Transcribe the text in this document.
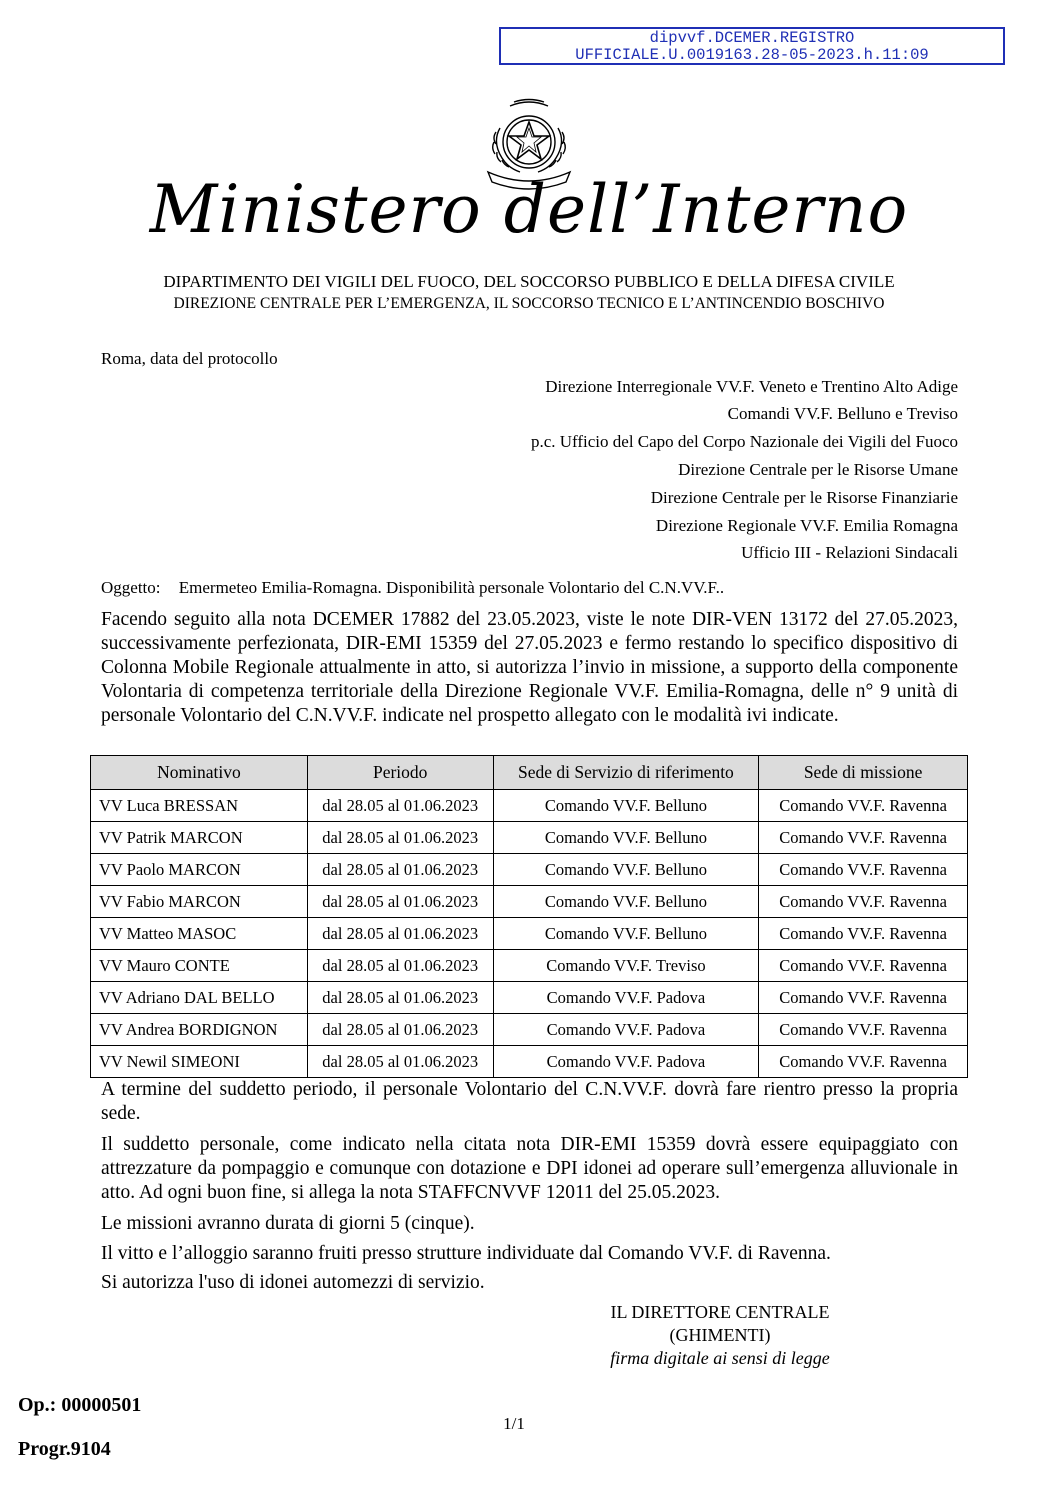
dipvvf.DCEMER.REGISTRO
UFFICIALE.U.0019163.28-05-2023.h.11:09
Ministero dell’Interno
DIPARTIMENTO DEI VIGILI DEL FUOCO, DEL SOCCORSO PUBBLICO E DELLA DIFESA CIVILE
DIREZIONE CENTRALE PER L’EMERGENZA, IL SOCCORSO TECNICO E L’ANTINCENDIO BOSCHIVO
Roma, data del protocollo
Direzione Interregionale VV.F. Veneto e Trentino Alto Adige
Comandi VV.F. Belluno e Treviso
p.c. Ufficio del Capo del Corpo Nazionale dei Vigili del Fuoco
Direzione Centrale per le Risorse Umane
Direzione Centrale per le Risorse Finanziarie
Direzione Regionale VV.F. Emilia Romagna
Ufficio III - Relazioni Sindacali
Oggetto: Emermeteo Emilia-Romagna. Disponibilità personale Volontario del C.N.VV.F..
Facendo seguito alla nota DCEMER 17882 del 23.05.2023, viste le note DIR-VEN 13172 del 27.05.2023, successivamente perfezionata, DIR-EMI 15359 del 27.05.2023 e fermo restando lo specifico dispositivo di Colonna Mobile Regionale attualmente in atto, si autorizza l’invio in missione, a supporto della componente Volontaria di competenza territoriale della Direzione Regionale VV.F. Emilia-Romagna, delle n° 9 unità di personale Volontario del C.N.VV.F. indicate nel prospetto allegato con le modalità ivi indicate.
Nominativo	Periodo	Sede di Servizio di riferimento	Sede di missione
VV Luca BRESSAN	dal 28.05 al 01.06.2023	Comando VV.F. Belluno	Comando VV.F. Ravenna
VV Patrik MARCON	dal 28.05 al 01.06.2023	Comando VV.F. Belluno	Comando VV.F. Ravenna
VV Paolo MARCON	dal 28.05 al 01.06.2023	Comando VV.F. Belluno	Comando VV.F. Ravenna
VV Fabio MARCON	dal 28.05 al 01.06.2023	Comando VV.F. Belluno	Comando VV.F. Ravenna
VV Matteo MASOC	dal 28.05 al 01.06.2023	Comando VV.F. Belluno	Comando VV.F. Ravenna
VV Mauro CONTE	dal 28.05 al 01.06.2023	Comando VV.F. Treviso	Comando VV.F. Ravenna
VV Adriano DAL BELLO	dal 28.05 al 01.06.2023	Comando VV.F. Padova	Comando VV.F. Ravenna
VV Andrea BORDIGNON	dal 28.05 al 01.06.2023	Comando VV.F. Padova	Comando VV.F. Ravenna
VV Newil SIMEONI	dal 28.05 al 01.06.2023	Comando VV.F. Padova	Comando VV.F. Ravenna
A termine del suddetto periodo, il personale Volontario del C.N.VV.F. dovrà fare rientro presso la propria sede.
Il suddetto personale, come indicato nella citata nota DIR-EMI 15359 dovrà essere equipaggiato con attrezzature da pompaggio e comunque con dotazione e DPI idonei ad operare sull’emergenza alluvionale in atto. Ad ogni buon fine, si allega la nota STAFFCNVVF 12011 del 25.05.2023.
Le missioni avranno durata di giorni 5 (cinque).
Il vitto e l’alloggio saranno fruiti presso strutture individuate dal Comando VV.F. di Ravenna.
Si autorizza l'uso di idonei automezzi di servizio.
IL DIRETTORE CENTRALE
(GHIMENTI)
firma digitale ai sensi di legge
Op.: 00000501
1/1
Progr.9104
